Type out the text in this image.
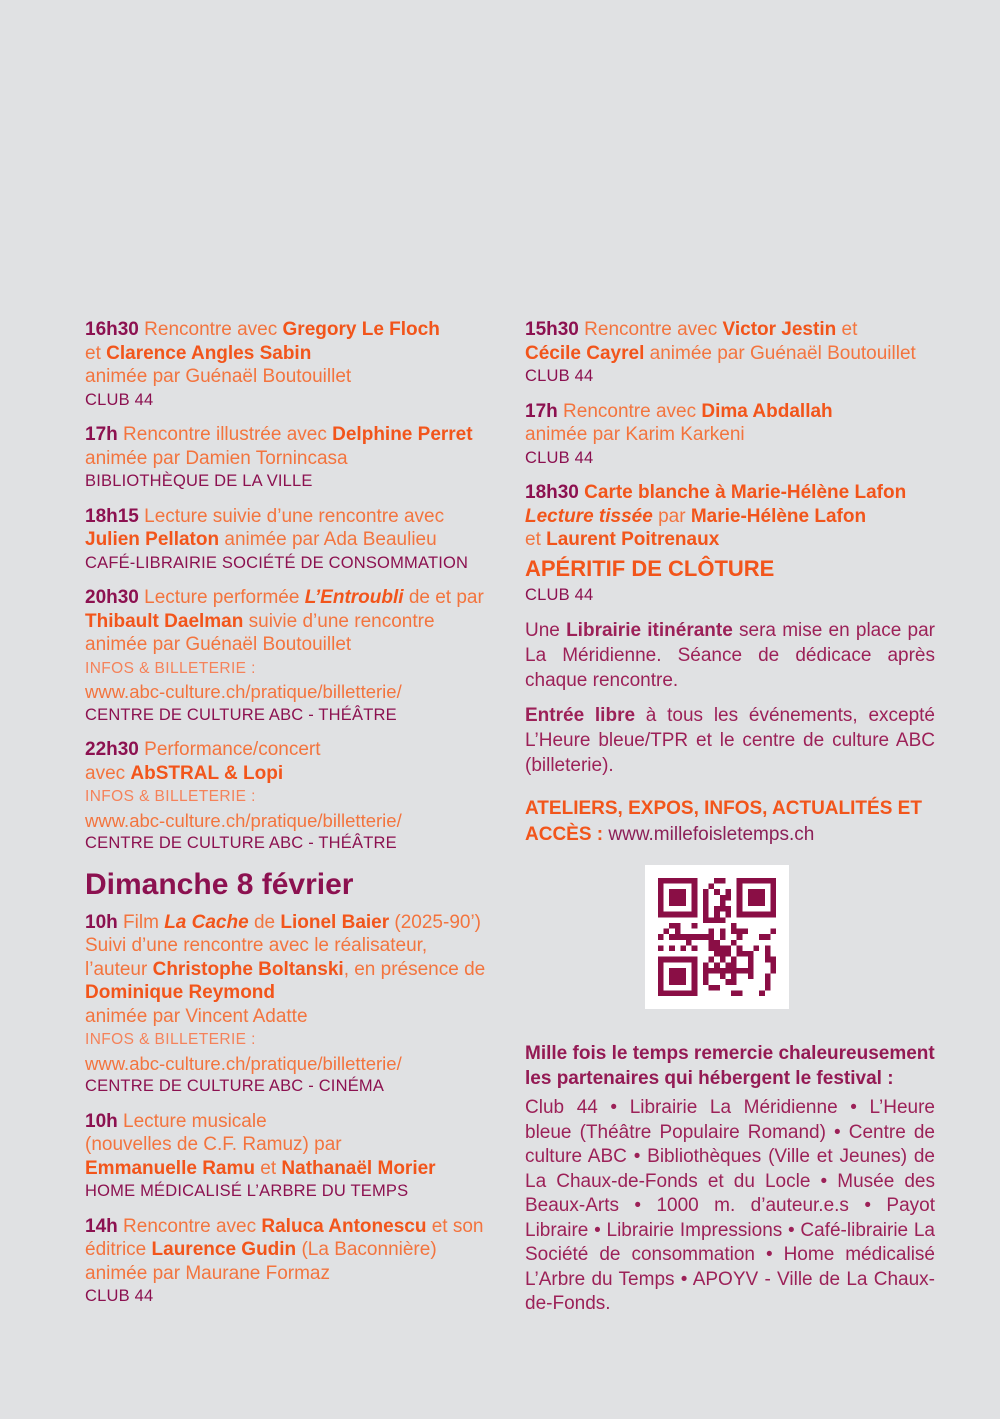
16h30 Rencontre avec Gregory Le Floch
et Clarence Angles Sabin
animée par Guénaël Boutouillet
CLUB 44
17h Rencontre illustrée avec Delphine Perret
animée par Damien Tornincasa
BIBLIOTHÈQUE DE LA VILLE
18h15 Lecture suivie d’une rencontre avec
Julien Pellaton animée par Ada Beaulieu
CAFÉ-LIBRAIRIE SOCIÉTÉ DE CONSOMMATION
20h30 Lecture performée L’Entroubli de et par
Thibault Daelman suivie d’une rencontre
animée par Guénaël Boutouillet
INFOS & BILLETERIE :
www.abc-culture.ch/pratique/billetterie/
CENTRE DE CULTURE ABC - THÉÂTRE
22h30 Performance/concert
avec AbSTRAL & Lopi
INFOS & BILLETERIE :
www.abc-culture.ch/pratique/billetterie/
CENTRE DE CULTURE ABC - THÉÂTRE
Dimanche 8 février
10h Film La Cache de Lionel Baier (2025-90’)
Suivi d’une rencontre avec le réalisateur,
l’auteur Christophe Boltanski, en présence de
Dominique Reymond
animée par Vincent Adatte
INFOS & BILLETERIE :
www.abc-culture.ch/pratique/billetterie/
CENTRE DE CULTURE ABC - CINÉMA
10h Lecture musicale
(nouvelles de C.F. Ramuz) par
Emmanuelle Ramu et Nathanaël Morier
HOME MÉDICALISÉ L’ARBRE DU TEMPS
14h Rencontre avec Raluca Antonescu et son
éditrice Laurence Gudin (La Baconnière)
animée par Maurane Formaz
CLUB 44
15h30 Rencontre avec Victor Jestin et
Cécile Cayrel animée par Guénaël Boutouillet
CLUB 44
17h Rencontre avec Dima Abdallah
animée par Karim Karkeni
CLUB 44
18h30 Carte blanche à Marie-Hélène Lafon
Lecture tissée par Marie-Hélène Lafon
et Laurent Poitrenaux
APÉRITIF DE CLÔTURE
CLUB 44

Une Librairie itinérante sera mise en place par La Méridienne. Séance de dédicace après chaque rencontre.

Entrée libre à tous les événements, excepté L’Heure bleue/TPR et le centre de culture ABC (billeterie).

ATELIERS, EXPOS, INFOS, ACTUALITÉS ET ACCÈS : www.millefoisletemps.ch

Mille fois le temps remercie chaleureusement les partenaires qui hébergent le festival :

Club 44 • Librairie La Méridienne • L’Heure bleue (Théâtre Populaire Romand) • Centre de culture ABC • Bibliothèques (Ville et Jeunes) de La Chaux-de-Fonds et du Locle • Musée des Beaux-Arts • 1000 m. d’auteur.e.s • Payot Libraire • Librairie Impressions • Café-librairie La Société de consommation • Home médicalisé L’Arbre du Temps • APOYV - Ville de La Chaux-de-Fonds.
